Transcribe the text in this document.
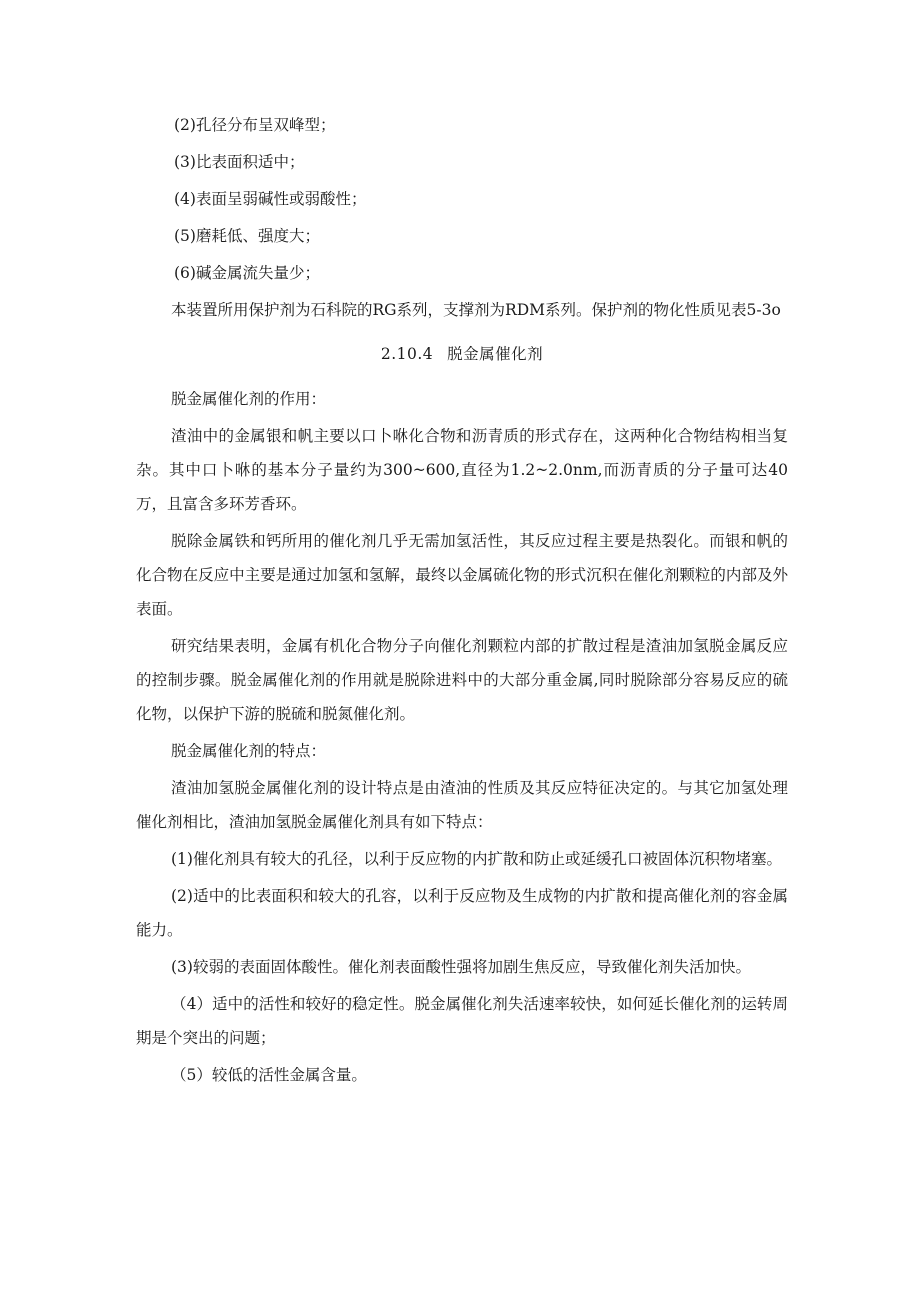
(2)孔径分布呈双峰型；

(3)比表面积适中；

(4)表面呈弱碱性或弱酸性；

(5)磨耗低、强度大；

(6)碱金属流失量少；

本装置所用保护剂为石科院的RG系列，支撑剂为RDM系列。保护剂的物化性质见表5-3o

2.10.4 脱金属催化剂

脱金属催化剂的作用：

渣油中的金属银和帆主要以口卜咻化合物和沥青质的形式存在，这两种化合物结构相当复杂。其中口卜咻的基本分子量约为300~600,直径为1.2~2.0nm,而沥青质的分子量可达40万，且富含多环芳香环。

脱除金属铁和钙所用的催化剂几乎无需加氢活性，其反应过程主要是热裂化。而银和帆的化合物在反应中主要是通过加氢和氢解，最终以金属硫化物的形式沉积在催化剂颗粒的内部及外表面。

研究结果表明，金属有机化合物分子向催化剂颗粒内部的扩散过程是渣油加氢脱金属反应的控制步骤。脱金属催化剂的作用就是脱除进料中的大部分重金属,同时脱除部分容易反应的硫化物，以保护下游的脱硫和脱氮催化剂。

脱金属催化剂的特点：

渣油加氢脱金属催化剂的设计特点是由渣油的性质及其反应特征决定的。与其它加氢处理催化剂相比，渣油加氢脱金属催化剂具有如下特点：

(1)催化剂具有较大的孔径，以利于反应物的内扩散和防止或延缓孔口被固体沉积物堵塞。

(2)适中的比表面积和较大的孔容，以利于反应物及生成物的内扩散和提高催化剂的容金属能力。

(3)较弱的表面固体酸性。催化剂表面酸性强将加剧生焦反应，导致催化剂失活加快。

（4）适中的活性和较好的稳定性。脱金属催化剂失活速率较快，如何延长催化剂的运转周期是个突出的问题；

（5）较低的活性金属含量。
